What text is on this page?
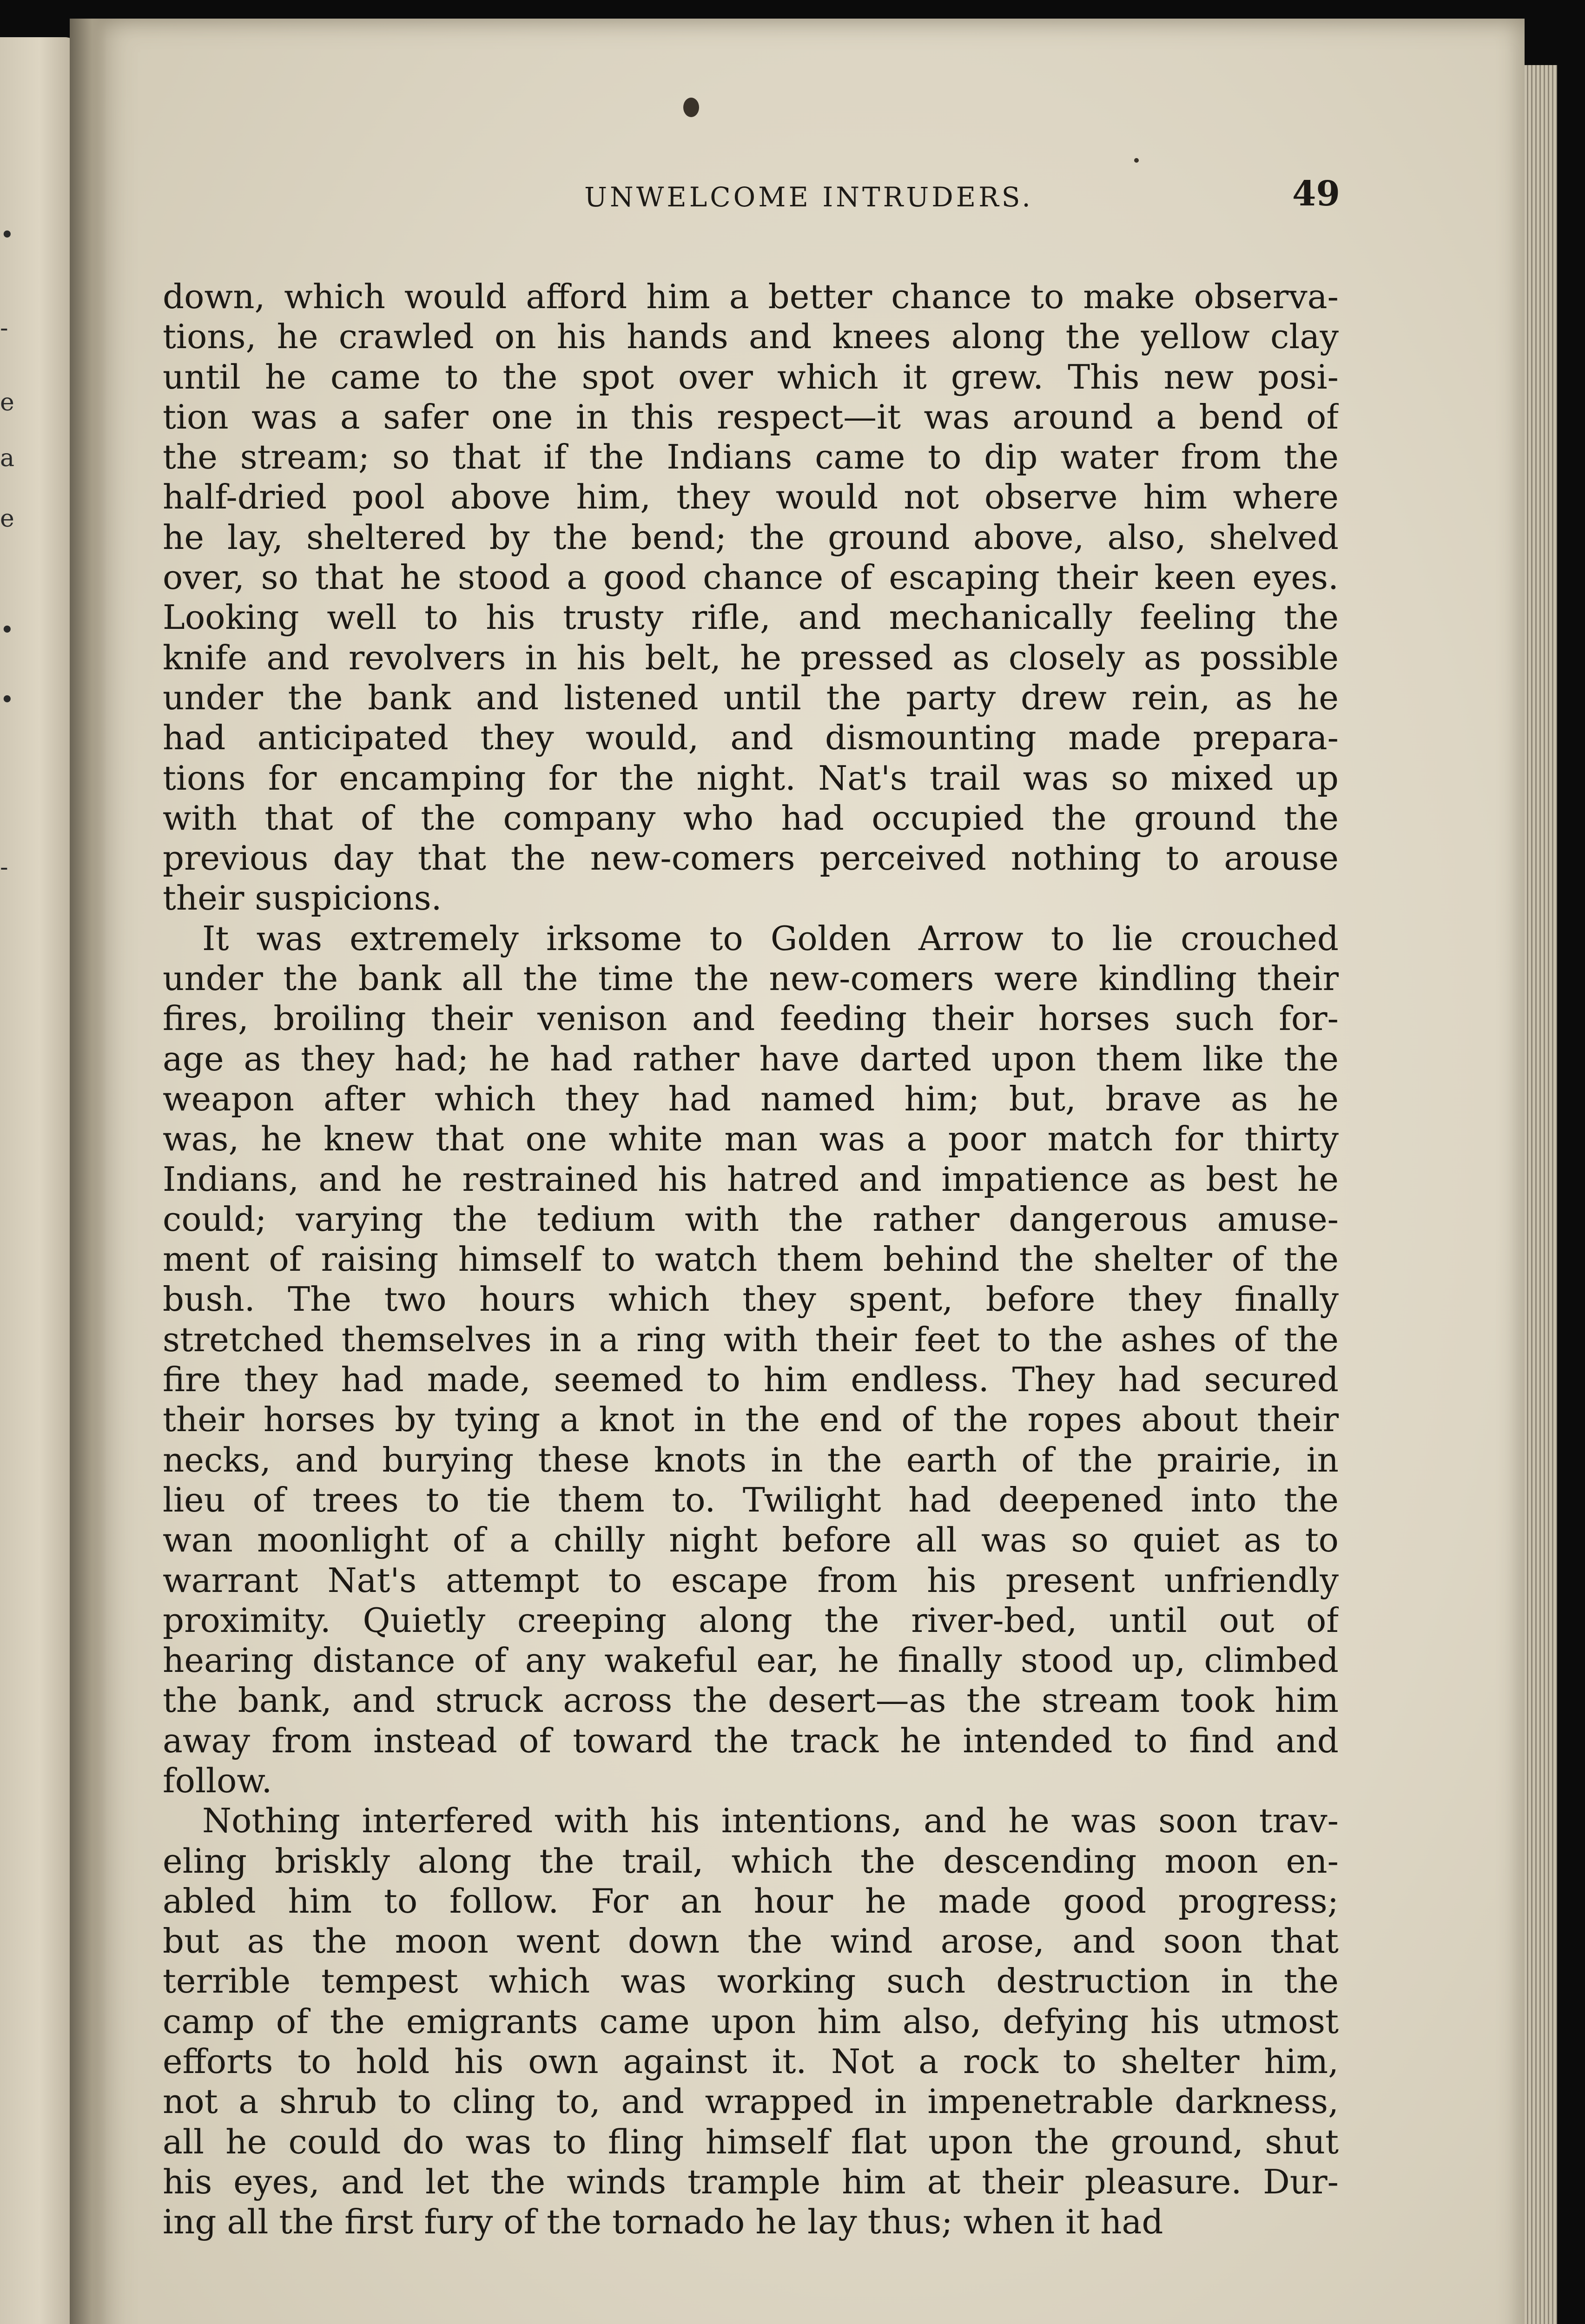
•
-
e
a
e
•
•
-
UNWELCOME INTRUDERS.	49
down, which would afford him a better chance to make observa-
tions, he crawled on his hands and knees along the yellow clay
until he came to the spot over which it grew. This new posi-
tion was a safer one in this respect—it was around a bend of
the stream; so that if the Indians came to dip water from the
half-dried pool above him, they would not observe him where
he lay, sheltered by the bend; the ground above, also, shelved
over, so that he stood a good chance of escaping their keen eyes.
Looking well to his trusty rifle, and mechanically feeling the
knife and revolvers in his belt, he pressed as closely as possible
under the bank and listened until the party drew rein, as he
had anticipated they would, and dismounting made prepara-
tions for encamping for the night. Nat's trail was so mixed up
with that of the company who had occupied the ground the
previous day that the new-comers perceived nothing to arouse
their suspicions.
It was extremely irksome to Golden Arrow to lie crouched
under the bank all the time the new-comers were kindling their
fires, broiling their venison and feeding their horses such for-
age as they had; he had rather have darted upon them like the
weapon after which they had named him; but, brave as he
was, he knew that one white man was a poor match for thirty
Indians, and he restrained his hatred and impatience as best he
could; varying the tedium with the rather dangerous amuse-
ment of raising himself to watch them behind the shelter of the
bush. The two hours which they spent, before they finally
stretched themselves in a ring with their feet to the ashes of the
fire they had made, seemed to him endless. They had secured
their horses by tying a knot in the end of the ropes about their
necks, and burying these knots in the earth of the prairie, in
lieu of trees to tie them to. Twilight had deepened into the
wan moonlight of a chilly night before all was so quiet as to
warrant Nat's attempt to escape from his present unfriendly
proximity. Quietly creeping along the river-bed, until out of
hearing distance of any wakeful ear, he finally stood up, climbed
the bank, and struck across the desert—as the stream took him
away from instead of toward the track he intended to find and
follow.
Nothing interfered with his intentions, and he was soon trav-
eling briskly along the trail, which the descending moon en-
abled him to follow. For an hour he made good progress;
but as the moon went down the wind arose, and soon that
terrible tempest which was working such destruction in the
camp of the emigrants came upon him also, defying his utmost
efforts to hold his own against it. Not a rock to shelter him,
not a shrub to cling to, and wrapped in impenetrable darkness,
all he could do was to fling himself flat upon the ground, shut
his eyes, and let the winds trample him at their pleasure. Dur-
ing all the first fury of the tornado he lay thus; when it had
